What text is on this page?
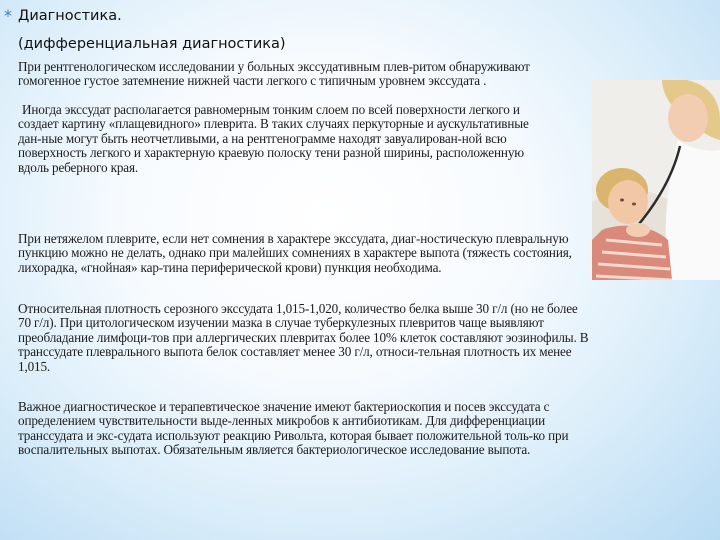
* Диагностика.
(дифференциальная диагностика)

При рентгенологическом исследовании у больных экссудативным плев-ритом обнаруживают гомогенное густое затемнение нижней части легкого с типичным уровнем экссудата .

Иногда экссудат располагается равномерным тонким слоем по всей поверхности легкого и создает картину «плащевидного» плеврита. В таких случаях перкуторные и аускультативные дан-ные могут быть неотчетливыми, а на рентгенограмме находят завуалирован-ной всю поверхность легкого и характерную краевую полоску тени разной ширины, расположенную вдоль реберного края.

При нетяжелом плеврите, если нет сомнения в характере экссудата, диаг-ностическую плевральную пункцию можно не делать, однако при малейших сомнениях в характере выпота (тяжесть состояния, лихорадка, «гнойная» кар-тина периферической крови) пункция необходима.

Относительная плотность серозного экссудата 1,015-1,020, количество белка выше 30 г/л (но не более 70 г/л). При цитологическом изучении мазка в случае туберкулезных плевритов чаще выявляют преобладание лимфоци-тов при аллергических плевритах более 10% клеток составляют эозинофилы. В транссудате плеврального выпота белок составляет менее 30 г/л, относи-тельная плотность их менее 1,015.

Важное диагностическое и терапевтическое значение имеют бактериоскопия и посев экссудата с определением чувствительности выде-ленных микробов к антибиотикам. Для дифференциации транссудата и экс-судата используют реакцию Ривольта, которая бывает положительной толь-ко при воспалительных выпотах. Обязательным является бактериологическое исследование выпота.
